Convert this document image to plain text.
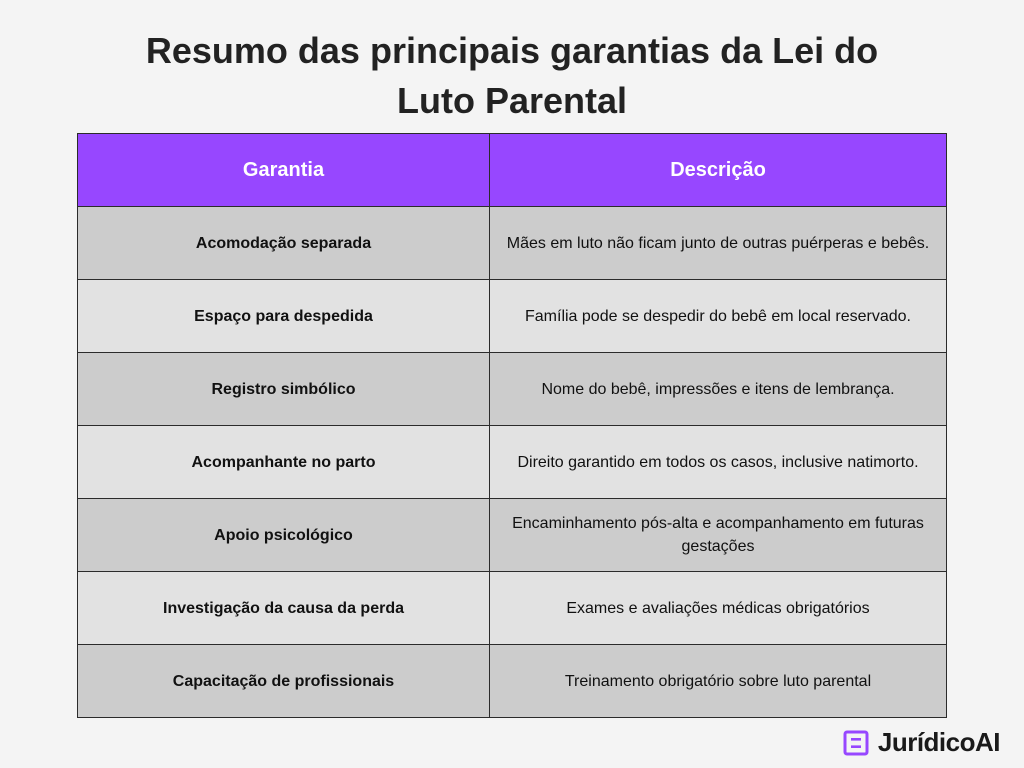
Resumo das principais garantias da Lei do
Luto Parental
Garantia	Descrição
Acomodação separada	Mães em luto não ficam junto de outras puérperas e bebês.
Espaço para despedida	Família pode se despedir do bebê em local reservado.
Registro simbólico	Nome do bebê, impressões e itens de lembrança.
Acompanhante no parto	Direito garantido em todos os casos, inclusive natimorto.
Apoio psicológico	Encaminhamento pós-alta e acompanhamento em futuras gestações
Investigação da causa da perda	Exames e avaliações médicas obrigatórios
Capacitação de profissionais	Treinamento obrigatório sobre luto parental
JurídicoAI
